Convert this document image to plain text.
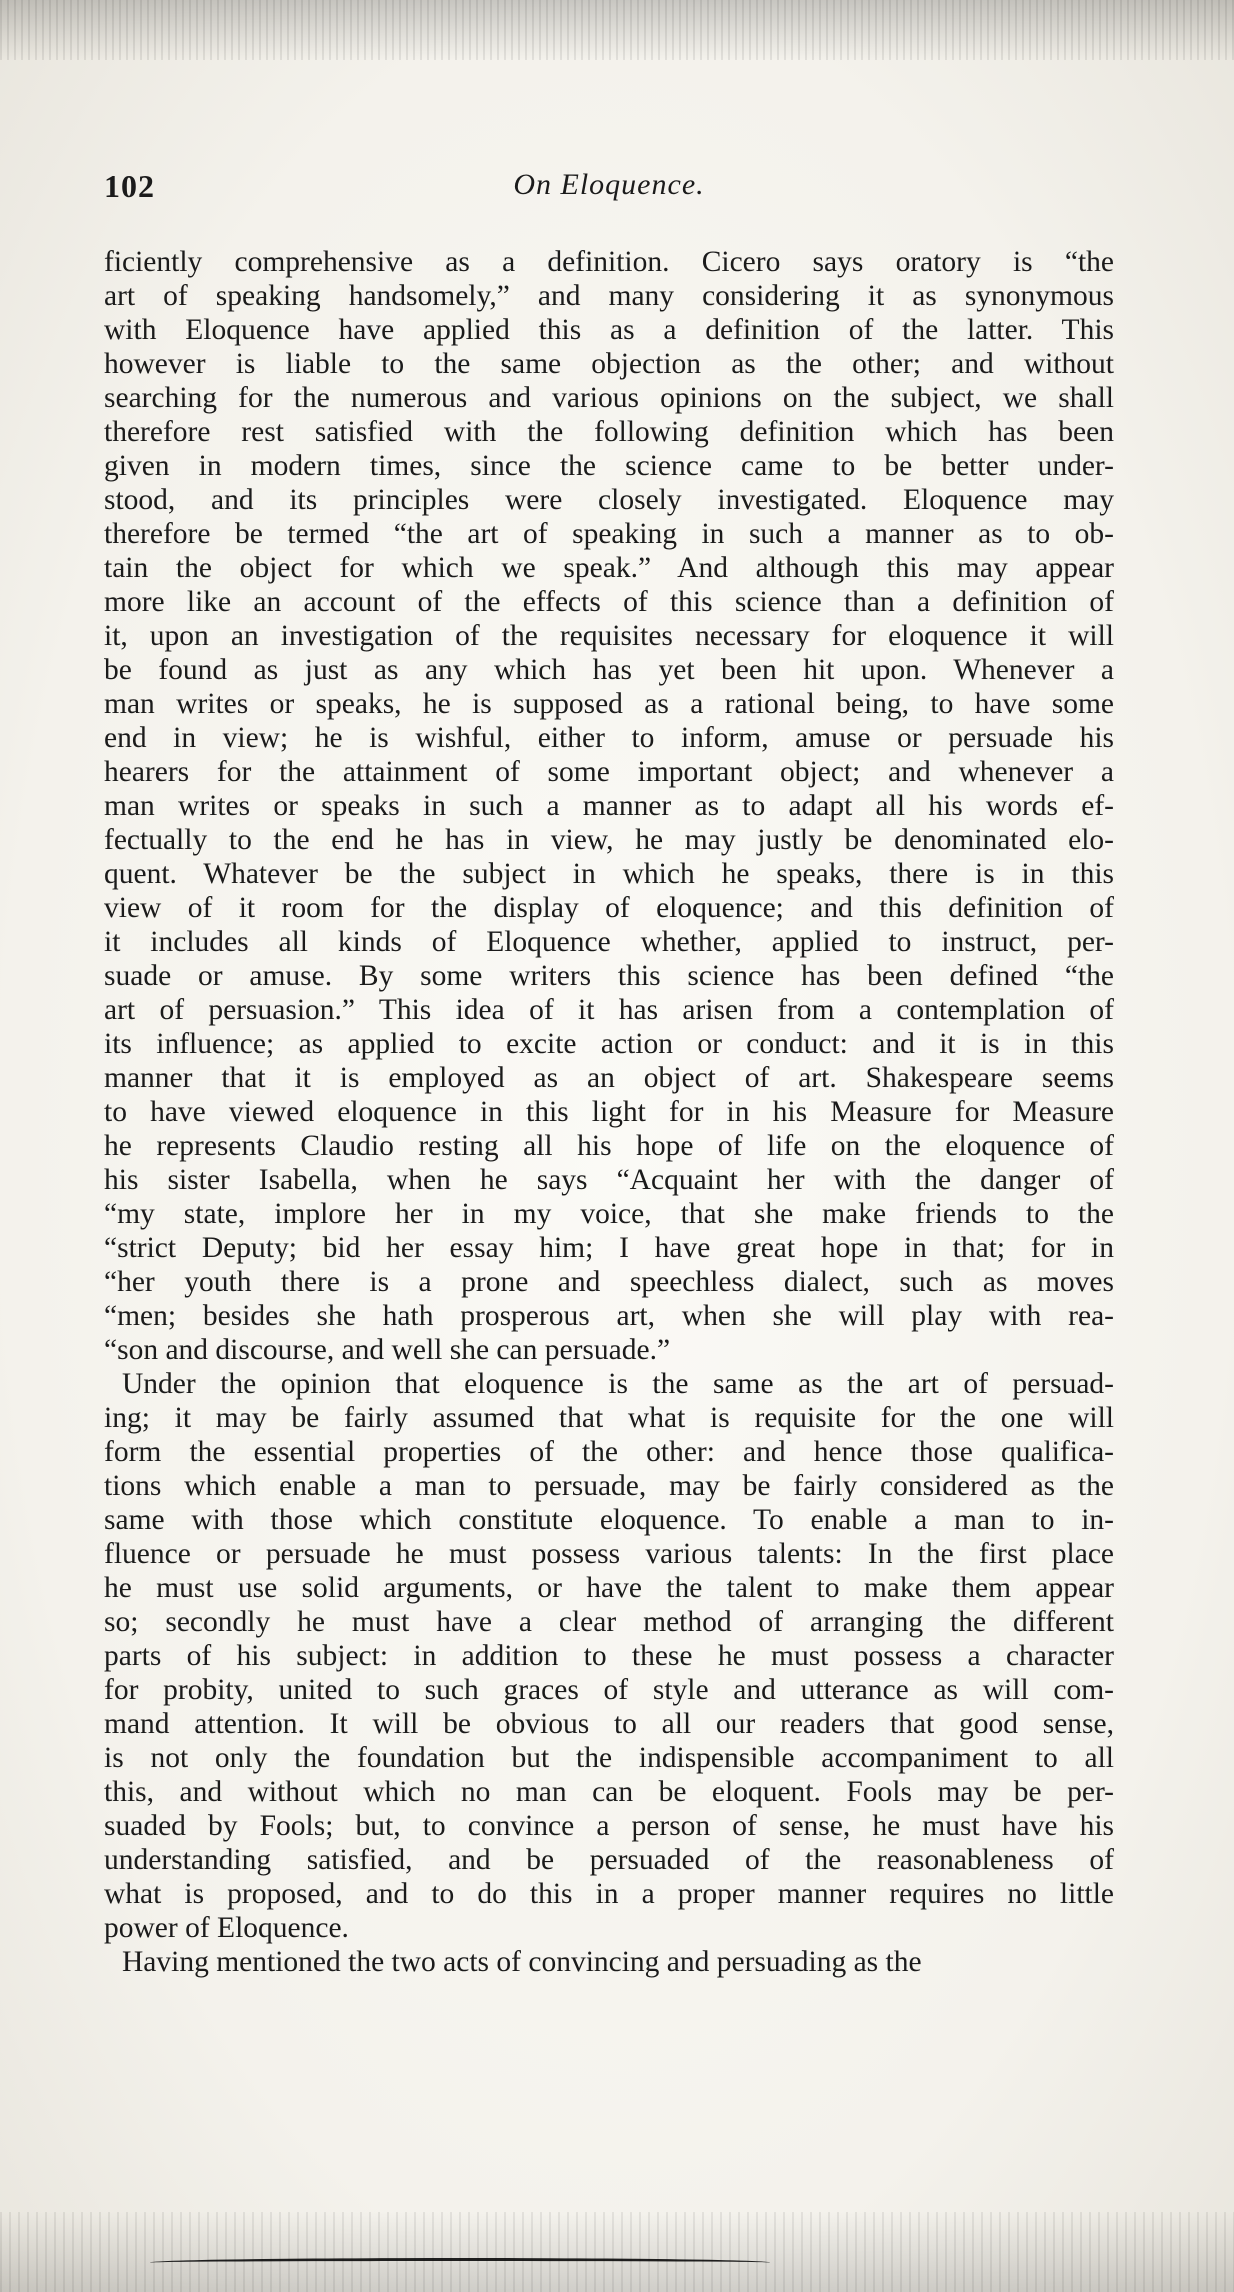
102	On Eloquence.
ficiently comprehensive as a definition. Cicero says oratory is “the
art of speaking handsomely,” and many considering it as synonymous
with Eloquence have applied this as a definition of the latter. This
however is liable to the same objection as the other; and without
searching for the numerous and various opinions on the subject, we shall
therefore rest satisfied with the following definition which has been
given in modern times, since the science came to be better under-
stood, and its principles were closely investigated. Eloquence may
therefore be termed “the art of speaking in such a manner as to ob-
tain the object for which we speak.” And although this may appear
more like an account of the effects of this science than a definition of
it, upon an investigation of the requisites necessary for eloquence it will
be found as just as any which has yet been hit upon. Whenever a
man writes or speaks, he is supposed as a rational being, to have some
end in view; he is wishful, either to inform, amuse or persuade his
hearers for the attainment of some important object; and whenever a
man writes or speaks in such a manner as to adapt all his words ef-
fectually to the end he has in view, he may justly be denominated elo-
quent. Whatever be the subject in which he speaks, there is in this
view of it room for the display of eloquence; and this definition of
it includes all kinds of Eloquence whether, applied to instruct, per-
suade or amuse. By some writers this science has been defined “the
art of persuasion.” This idea of it has arisen from a contemplation of
its influence; as applied to excite action or conduct: and it is in this
manner that it is employed as an object of art. Shakespeare seems
to have viewed eloquence in this light for in his Measure for Measure
he represents Claudio resting all his hope of life on the eloquence of
his sister Isabella, when he says “Acquaint her with the danger of
“my state, implore her in my voice, that she make friends to the
“strict Deputy; bid her essay him; I have great hope in that; for in
“her youth there is a prone and speechless dialect, such as moves
“men; besides she hath prosperous art, when she will play with rea-
“son and discourse, and well she can persuade.”
Under the opinion that eloquence is the same as the art of persuad-
ing; it may be fairly assumed that what is requisite for the one will
form the essential properties of the other: and hence those qualifica-
tions which enable a man to persuade, may be fairly considered as the
same with those which constitute eloquence. To enable a man to in-
fluence or persuade he must possess various talents: In the first place
he must use solid arguments, or have the talent to make them appear
so; secondly he must have a clear method of arranging the different
parts of his subject: in addition to these he must possess a character
for probity, united to such graces of style and utterance as will com-
mand attention. It will be obvious to all our readers that good sense,
is not only the foundation but the indispensible accompaniment to all
this, and without which no man can be eloquent. Fools may be per-
suaded by Fools; but, to convince a person of sense, he must have his
understanding satisfied, and be persuaded of the reasonableness of
what is proposed, and to do this in a proper manner requires no little
power of Eloquence.
Having mentioned the two acts of convincing and persuading as the
